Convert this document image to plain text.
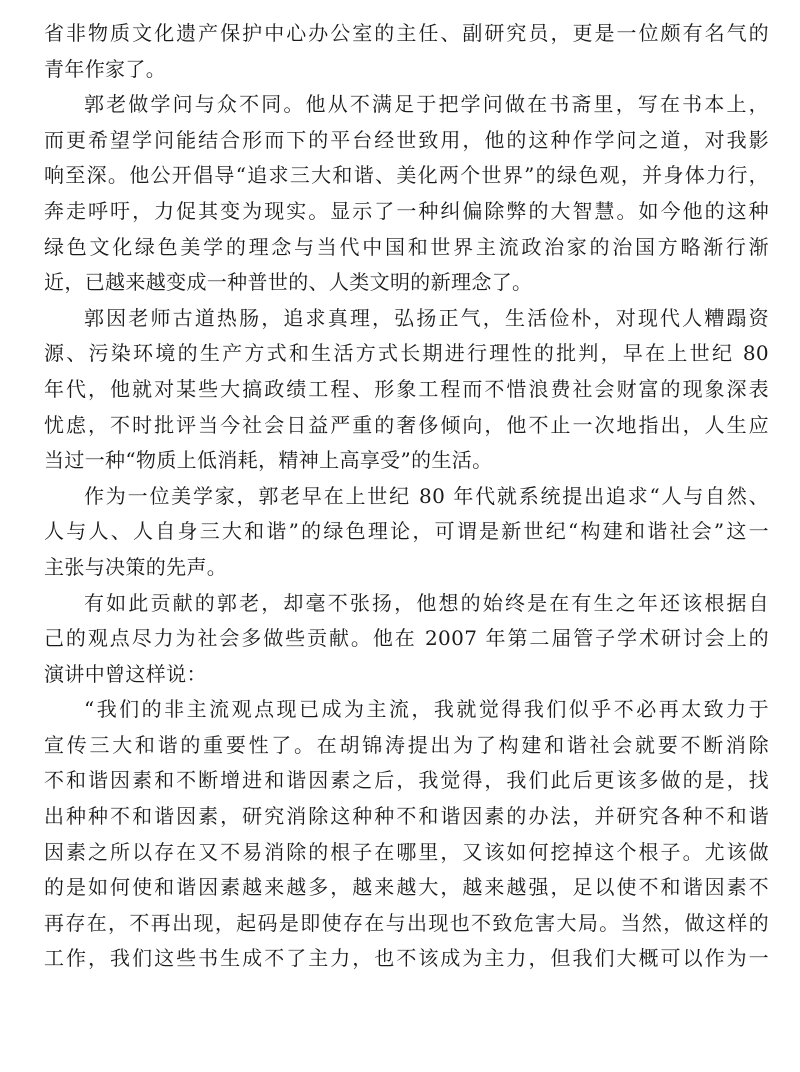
省非物质文化遗产保护中心办公室的主任、副研究员，更是一位颇有名气的
青年作家了。
郭老做学问与众不同。他从不满足于把学问做在书斋里，写在书本上，
而更希望学问能结合形而下的平台经世致用，他的这种作学问之道，对我影
响至深。他公开倡导“追求三大和谐、美化两个世界”的绿色观，并身体力行，
奔走呼吁，力促其变为现实。显示了一种纠偏除弊的大智慧。如今他的这种
绿色文化绿色美学的理念与当代中国和世界主流政治家的治国方略渐行渐
近，已越来越变成一种普世的、人类文明的新理念了。
郭因老师古道热肠，追求真理，弘扬正气，生活俭朴，对现代人糟蹋资
源、污染环境的生产方式和生活方式长期进行理性的批判，早在上世纪 80
年代，他就对某些大搞政绩工程、形象工程而不惜浪费社会财富的现象深表
忧虑，不时批评当今社会日益严重的奢侈倾向，他不止一次地指出，人生应
当过一种“物质上低消耗，精神上高享受”的生活。
作为一位美学家，郭老早在上世纪 80 年代就系统提出追求“人与自然、
人与人、人自身三大和谐”的绿色理论，可谓是新世纪“构建和谐社会”这一
主张与决策的先声。
有如此贡献的郭老，却毫不张扬，他想的始终是在有生之年还该根据自
己的观点尽力为社会多做些贡献。他在 2007 年第二届管子学术研讨会上的
演讲中曾这样说：
“我们的非主流观点现已成为主流，我就觉得我们似乎不必再太致力于
宣传三大和谐的重要性了。在胡锦涛提出为了构建和谐社会就要不断消除
不和谐因素和不断增进和谐因素之后，我觉得，我们此后更该多做的是，找
出种种不和谐因素，研究消除这种种不和谐因素的办法，并研究各种不和谐
因素之所以存在又不易消除的根子在哪里，又该如何挖掉这个根子。尤该做
的是如何使和谐因素越来越多，越来越大，越来越强，足以使不和谐因素不
再存在，不再出现，起码是即使存在与出现也不致危害大局。当然，做这样的
工作，我们这些书生成不了主力，也不该成为主力，但我们大概可以作为一
